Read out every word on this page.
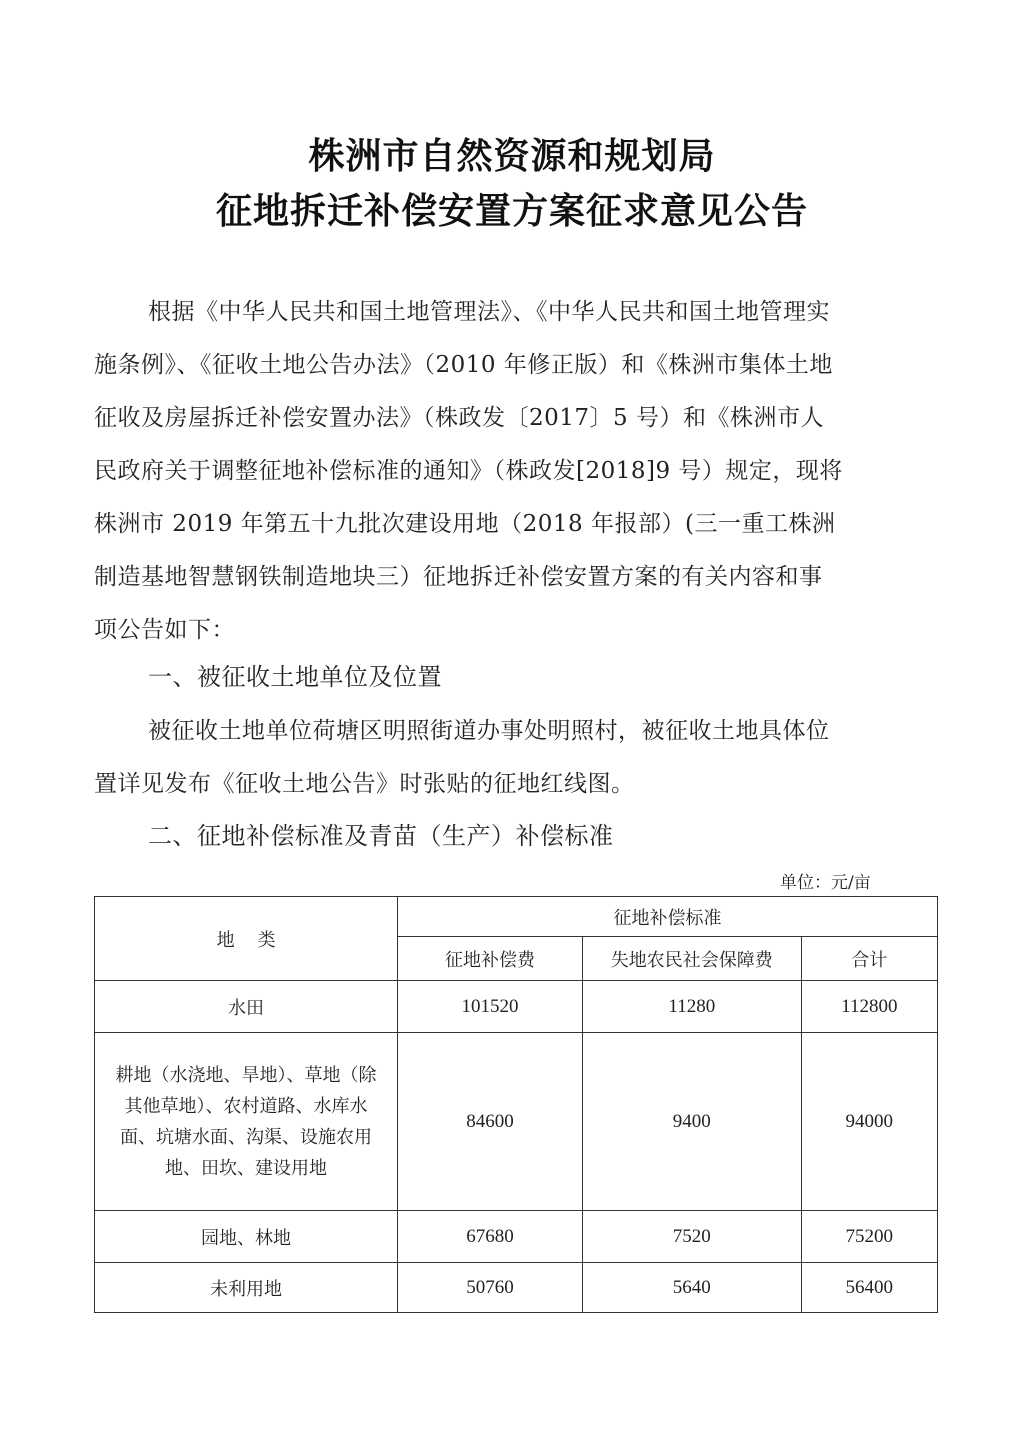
株洲市自然资源和规划局
征地拆迁补偿安置方案征求意见公告
根据《中华人民共和国土地管理法》、《中华人民共和国土地管理实
施条例》、《征收土地公告办法》（2010 年修正版）和《株洲市集体土地
征收及房屋拆迁补偿安置办法》（株政发〔2017〕5 号）和《株洲市人
民政府关于调整征地补偿标准的通知》（株政发[2018]9 号）规定，现将
株洲市 2019 年第五十九批次建设用地（2018 年报部）(三一重工株洲
制造基地智慧钢铁制造地块三）征地拆迁补偿安置方案的有关内容和事
项公告如下：
一、被征收土地单位及位置
被征收土地单位荷塘区明照街道办事处明照村，被征收土地具体位
置详见发布《征收土地公告》时张贴的征地红线图。
二、征地补偿标准及青苗（生产）补偿标准
单位：元/亩
地    类	征地补偿标准		
	征地补偿费	失地农民社会保障费	合计
水田	101520	11280	112800

耕地（水浇地、旱地）、草地（除
其他草地）、农村道路、水库水
面、坑塘水面、沟渠、设施农用
地、田坎、建设用地	84600	9400	94000
园地、林地	67680	7520	75200
未利用地	50760	5640	56400
